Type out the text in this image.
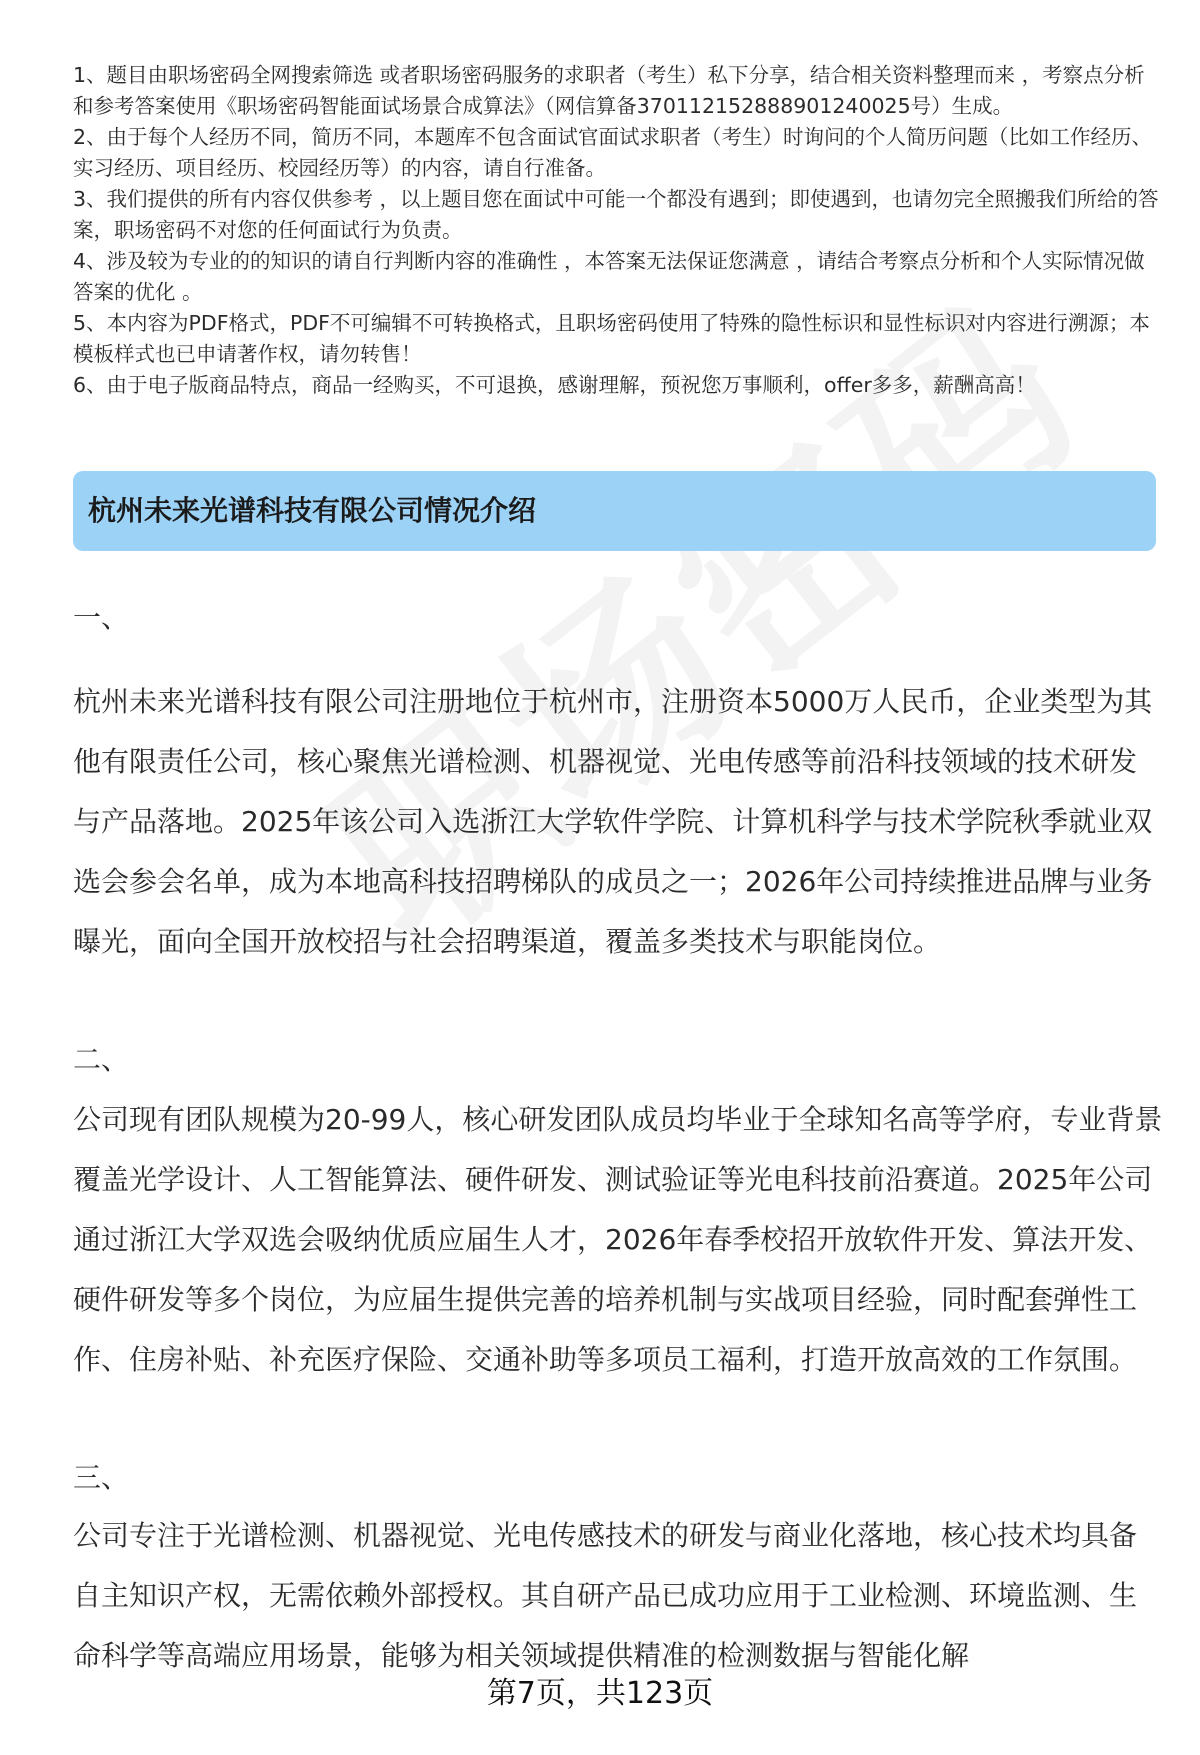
1、题目由职场密码全网搜索筛选 或者职场密码服务的求职者（考生）私下分享，结合相关资料整理而来 ，考察点分析和参考答案使用《职场密码智能面试场景合成算法》（网信算备370112152888901240025号）生成。

2、由于每个人经历不同，简历不同，本题库不包含面试官面试求职者（考生）时询问的个人简历问题（比如工作经历、实习经历、项目经历、校园经历等）的内容，请自行准备。

3、我们提供的所有内容仅供参考 ，以上题目您在面试中可能一个都没有遇到；即使遇到，也请勿完全照搬我们所给的答案，职场密码不对您的任何面试行为负责。

4、涉及较为专业的的知识的请自行判断内容的准确性 ，本答案无法保证您满意 ，请结合考察点分析和个人实际情况做答案的优化 。

5、本内容为PDF格式，PDF不可编辑不可转换格式，且职场密码使用了特殊的隐性标识和显性标识对内容进行溯源；本模板样式也已申请著作权，请勿转售！

6、由于电子版商品特点，商品一经购买，不可退换，感谢理解，预祝您万事顺利，offer多多，薪酬高高！

杭州未来光谱科技有限公司情况介绍
一、

杭州未来光谱科技有限公司注册地位于杭州市，注册资本5000万人民币，企业类型为其他有限责任公司，核心聚焦光谱检测、机器视觉、光电传感等前沿科技领域的技术研发与产品落地。2025年该公司入选浙江大学软件学院、计算机科学与技术学院秋季就业双选会参会名单，成为本地高科技招聘梯队的成员之一；2026年公司持续推进品牌与业务曝光，面向全国开放校招与社会招聘渠道，覆盖多类技术与职能岗位。

二、

公司现有团队规模为20-99人，核心研发团队成员均毕业于全球知名高等学府，专业背景覆盖光学设计、人工智能算法、硬件研发、测试验证等光电科技前沿赛道。2025年公司通过浙江大学双选会吸纳优质应届生人才，2026年春季校招开放软件开发、算法开发、硬件研发等多个岗位，为应届生提供完善的培养机制与实战项目经验，同时配套弹性工作、住房补贴、补充医疗保险、交通补助等多项员工福利，打造开放高效的工作氛围。

三、

公司专注于光谱检测、机器视觉、光电传感技术的研发与商业化落地，核心技术均具备自主知识产权，无需依赖外部授权。其自研产品已成功应用于工业检测、环境监测、生命科学等高端应用场景，能够为相关领域提供精准的检测数据与智能化解

第7页，共123页
